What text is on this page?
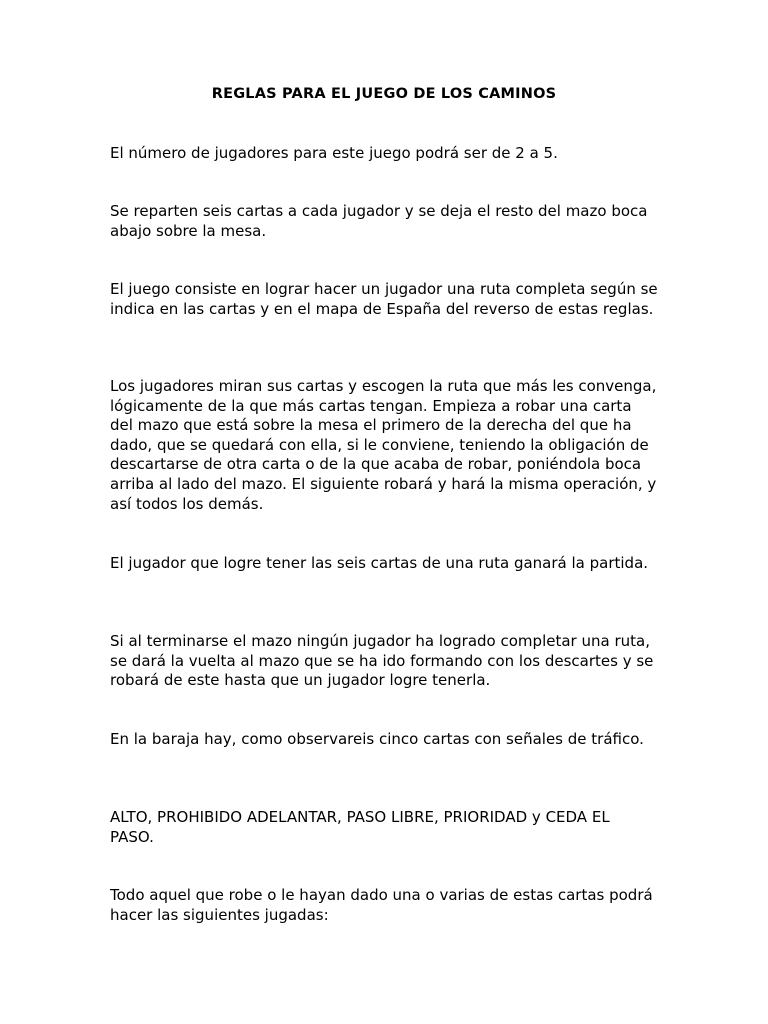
REGLAS PARA EL JUEGO DE LOS CAMINOS

El número de jugadores para este juego podrá ser de 2 a 5.

Se reparten seis cartas a cada jugador y se deja el resto del mazo boca abajo sobre la mesa.

El juego consiste en lograr hacer un jugador una ruta completa según se indica en las cartas y en el mapa de España del reverso de estas reglas.

Los jugadores miran sus cartas y escogen la ruta que más les convenga, lógicamente de la que más cartas tengan. Empieza a robar una carta del mazo que está sobre la mesa el primero de la derecha del que ha dado, que se quedará con ella, si le conviene, teniendo la obligación de descartarse de otra carta o de la que acaba de robar, poniéndola boca arriba al lado del mazo. El siguiente robará y hará la misma operación, y así todos los demás.

El jugador que logre tener las seis cartas de una ruta ganará la partida.

Si al terminarse el mazo ningún jugador ha logrado completar una ruta, se dará la vuelta al mazo que se ha ido formando con los descartes y se robará de este hasta que un jugador logre tenerla.

En la baraja hay, como observareis cinco cartas con señales de tráfico.

ALTO, PROHIBIDO ADELANTAR, PASO LIBRE, PRIORIDAD y CEDA EL PASO.

Todo aquel que robe o le hayan dado una o varias de estas cartas podrá hacer las siguientes jugadas:
